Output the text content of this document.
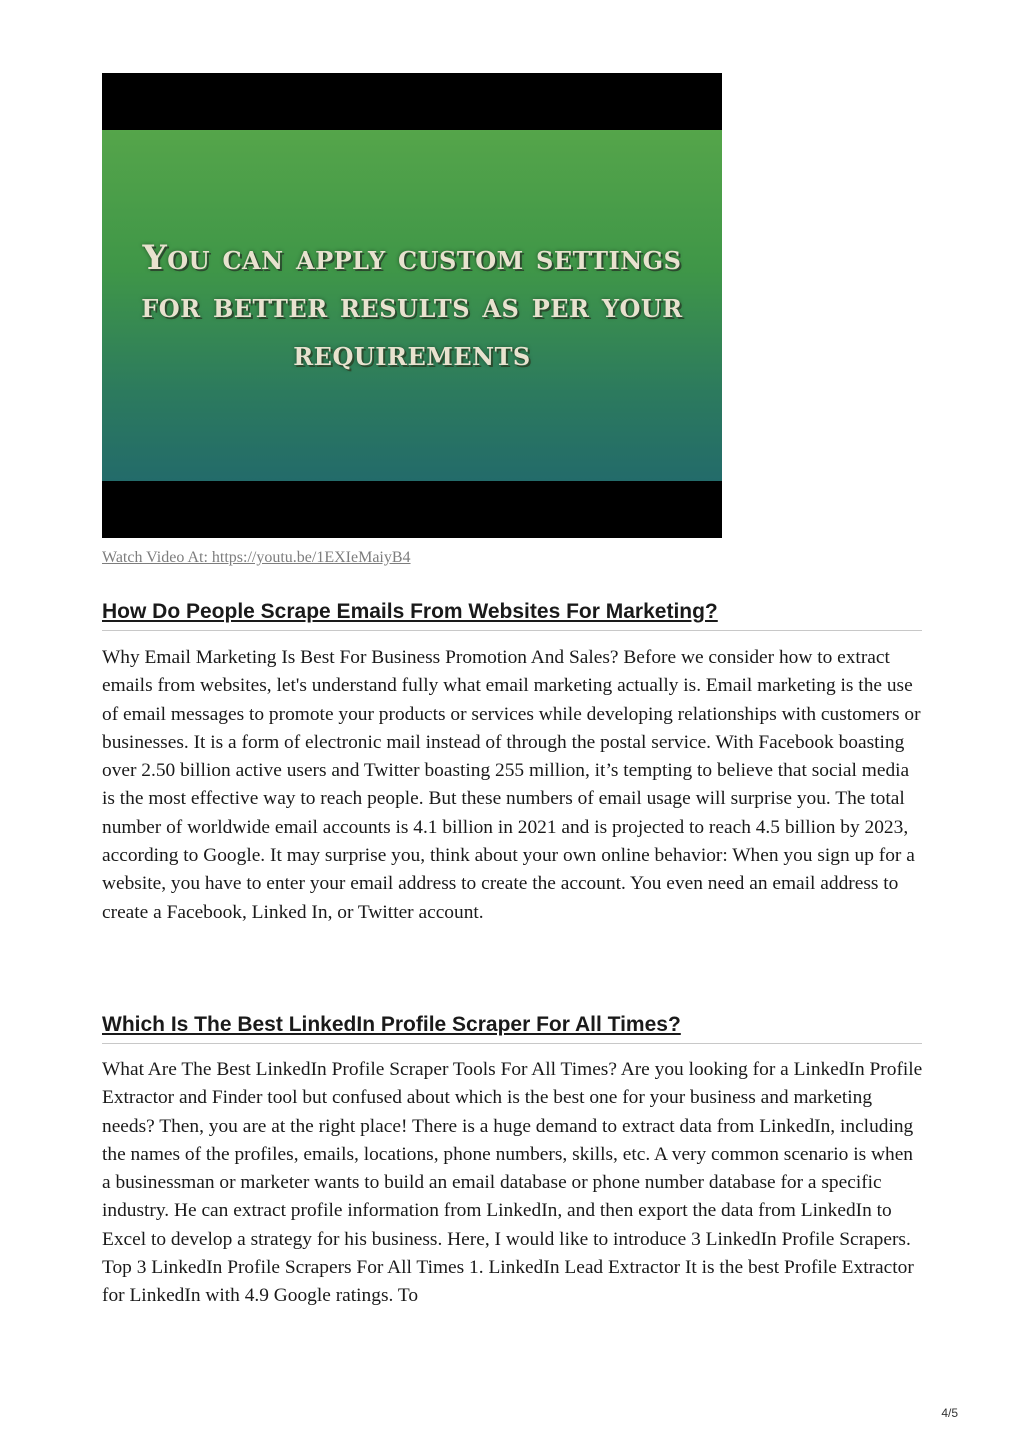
You can apply custom settings for better results as per your requirements

Watch Video At: https://youtu.be/1EXIeMaiyB4
How Do People Scrape Emails From Websites For Marketing?

Why Email Marketing Is Best For Business Promotion And Sales? Before we consider how to extract emails from websites, let's understand fully what email marketing actually is. Email marketing is the use of email messages to promote your products or services while developing relationships with customers or businesses. It is a form of electronic mail instead of through the postal service. With Facebook boasting over 2.50 billion active users and Twitter boasting 255 million, it’s tempting to believe that social media is the most effective way to reach people. But these numbers of email usage will surprise you. The total number of worldwide email accounts is 4.1 billion in 2021 and is projected to reach 4.5 billion by 2023, according to Google. It may surprise you, think about your own online behavior: When you sign up for a website, you have to enter your email address to create the account. You even need an email address to create a Facebook, Linked In, or Twitter account.

Which Is The Best LinkedIn Profile Scraper For All Times?

What Are The Best LinkedIn Profile Scraper Tools For All Times? Are you looking for a LinkedIn Profile Extractor and Finder tool but confused about which is the best one for your business and marketing needs? Then, you are at the right place! There is a huge demand to extract data from LinkedIn, including the names of the profiles, emails, locations, phone numbers, skills, etc. A very common scenario is when a businessman or marketer wants to build an email database or phone number database for a specific industry. He can extract profile information from LinkedIn, and then export the data from LinkedIn to Excel to develop a strategy for his business. Here, I would like to introduce 3 LinkedIn Profile Scrapers. Top 3 LinkedIn Profile Scrapers For All Times 1. LinkedIn Lead Extractor It is the best Profile Extractor for LinkedIn with 4.9 Google ratings. To

4/5
